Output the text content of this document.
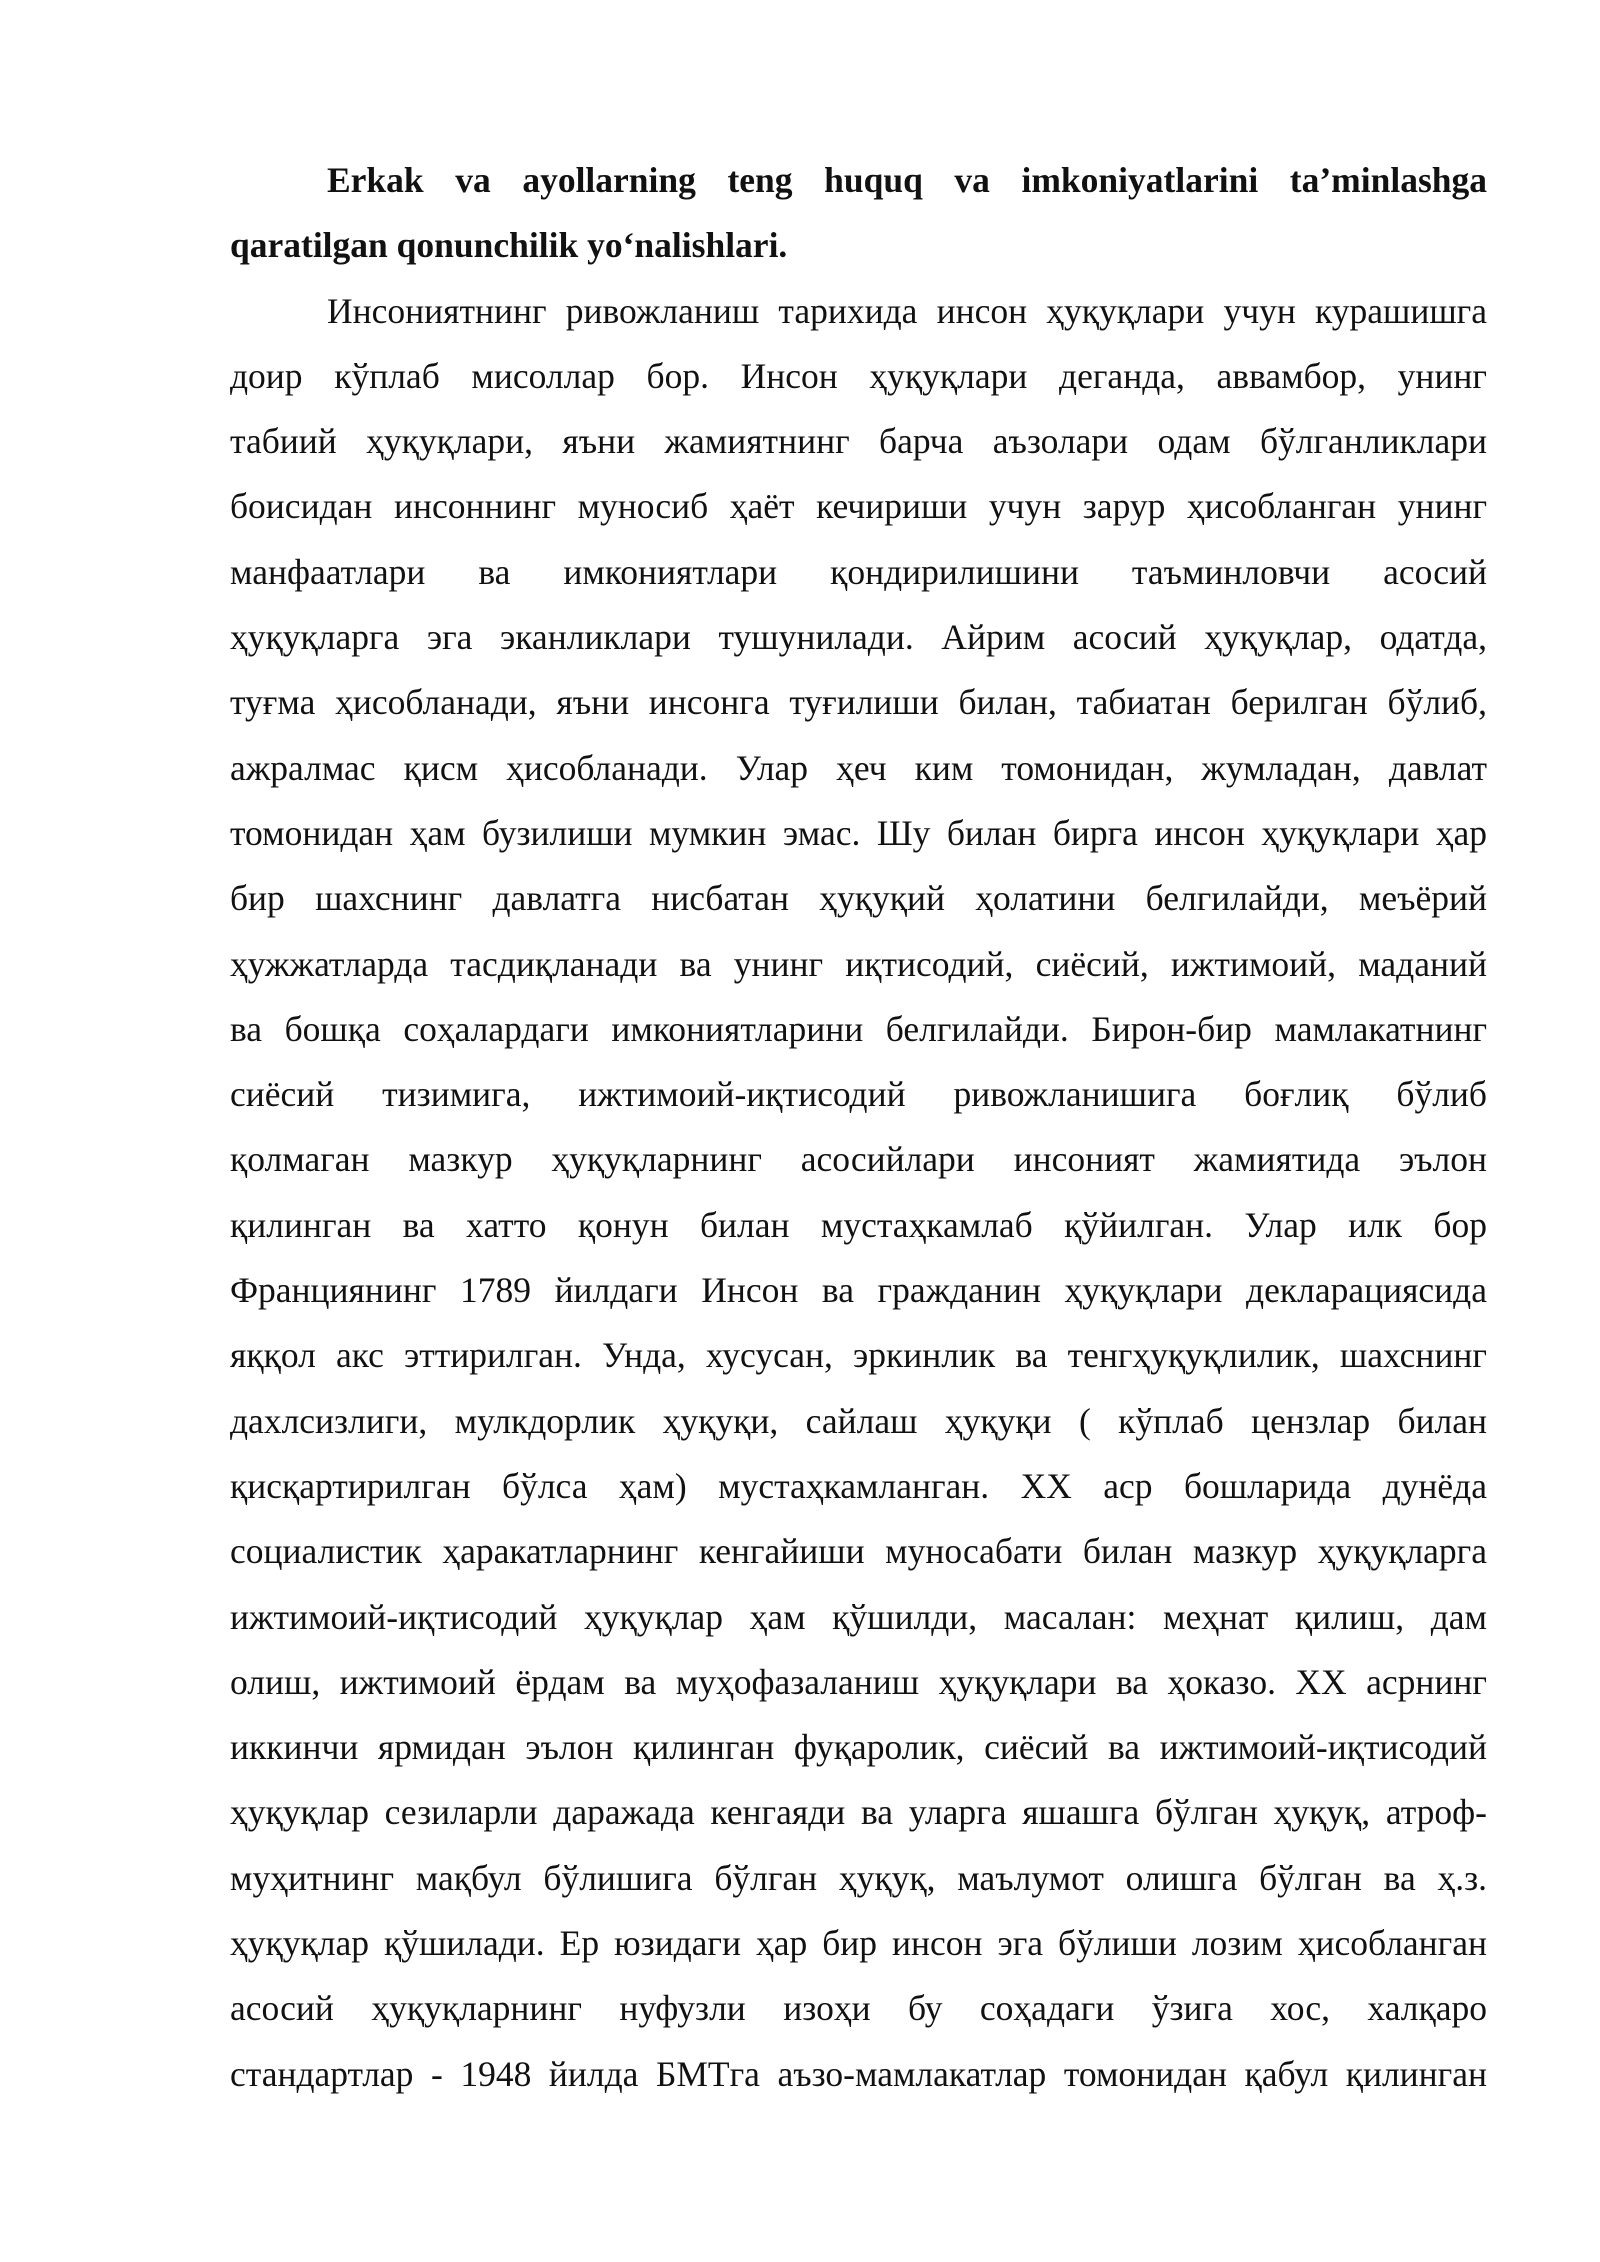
Erkak va ayollarning teng huquq va imkoniyatlarini ta’minlashga
qaratilgan qonunchilik yo‘nalishlari.
Инсониятнинг ривожланиш тарихида инсон ҳуқуқлари учун курашишга
доир кўплаб мисоллар бор. Инсон ҳуқуқлари деганда, аввамбор, унинг
табиий ҳуқуқлари, яъни жамиятнинг барча аъзолари одам бўлганликлари
боисидан инсоннинг муносиб ҳаёт кечириши учун зарур ҳисобланган унинг
манфаатлари ва имкониятлари қондирилишини таъминловчи асосий
ҳуқуқларга эга эканликлари тушунилади. Айрим асосий ҳуқуқлар, одатда,
туғма ҳисобланади, яъни инсонга туғилиши билан, табиатан берилган бўлиб,
ажралмас қисм ҳисобланади. Улар ҳеч ким томонидан, жумладан, давлат
томонидан ҳам бузилиши мумкин эмас. Шу билан бирга инсон ҳуқуқлари ҳар
бир шахснинг давлатга нисбатан ҳуқуқий ҳолатини белгилайди, меъёрий
ҳужжатларда тасдиқланади ва унинг иқтисодий, сиёсий, ижтимоий, маданий
ва бошқа соҳалардаги имкониятларини белгилайди. Бирон-бир мамлакатнинг
сиёсий тизимига, ижтимоий-иқтисодий ривожланишига боғлиқ бўлиб
қолмаган мазкур ҳуқуқларнинг асосийлари инсоният жамиятида эълон
қилинган ва хатто қонун билан мустаҳкамлаб қўйилган. Улар илк бор
Франциянинг 1789 йилдаги Инсон ва гражданин ҳуқуқлари декларациясида
яққол акс эттирилган. Унда, хусусан, эркинлик ва тенгҳуқуқлилик, шахснинг
дахлсизлиги, мулкдорлик ҳуқуқи, сайлаш ҳуқуқи ( кўплаб цензлар билан
қисқартирилган бўлса ҳам) мустаҳкамланган. ХХ аср бошларида дунёда
социалистик ҳаракатларнинг кенгайиши муносабати билан мазкур ҳуқуқларга
ижтимоий-иқтисодий ҳуқуқлар ҳам қўшилди, масалан: меҳнат қилиш, дам
олиш, ижтимоий ёрдам ва муҳофазаланиш ҳуқуқлари ва ҳоказо. ХХ асрнинг
иккинчи ярмидан эълон қилинган фуқаролик, сиёсий ва ижтимоий-иқтисодий
ҳуқуқлар сезиларли даражада кенгаяди ва уларга яшашга бўлган ҳуқуқ, атроф-
муҳитнинг мақбул бўлишига бўлган ҳуқуқ, маълумот олишга бўлган ва ҳ.з.
ҳуқуқлар қўшилади. Ер юзидаги ҳар бир инсон эга бўлиши лозим ҳисобланган
асосий ҳуқуқларнинг нуфузли изоҳи бу соҳадаги ўзига хос, халқаро
стандартлар - 1948 йилда БМТга аъзо-мамлакатлар томонидан қабул қилинган
